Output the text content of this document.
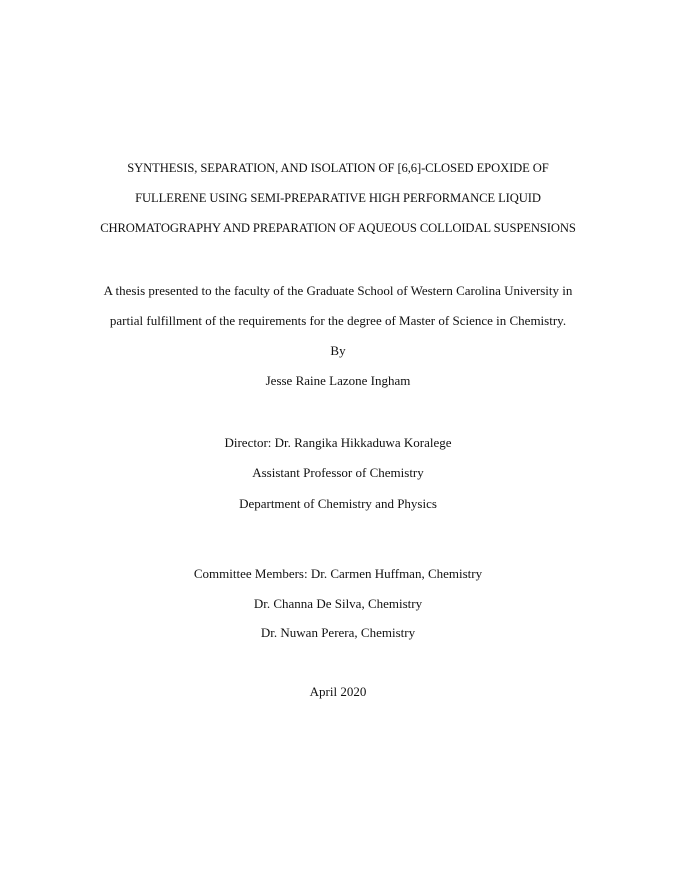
SYNTHESIS, SEPARATION, AND ISOLATION OF [6,6]-CLOSED EPOXIDE OF
FULLERENE USING SEMI-PREPARATIVE HIGH PERFORMANCE LIQUID
CHROMATOGRAPHY AND PREPARATION OF AQUEOUS COLLOIDAL SUSPENSIONS
A thesis presented to the faculty of the Graduate School of Western Carolina University in
partial fulfillment of the requirements for the degree of Master of Science in Chemistry.
By
Jesse Raine Lazone Ingham
Director: Dr. Rangika Hikkaduwa Koralege
Assistant Professor of Chemistry
Department of Chemistry and Physics
Committee Members: Dr. Carmen Huffman, Chemistry
Dr. Channa De Silva, Chemistry
Dr. Nuwan Perera, Chemistry
April 2020
